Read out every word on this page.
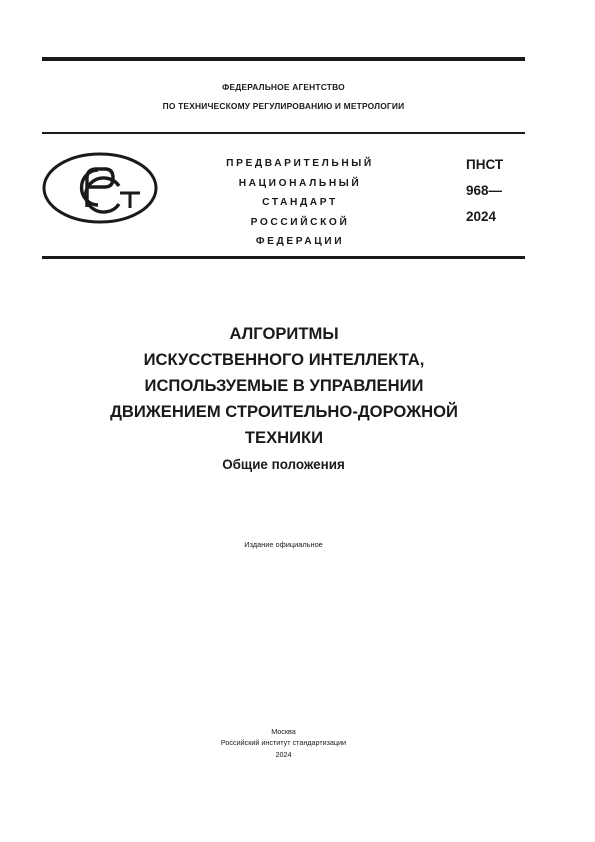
ФЕДЕРАЛЬНОЕ АГЕНТСТВО
ПО ТЕХНИЧЕСКОМУ РЕГУЛИРОВАНИЮ И МЕТРОЛОГИИ
ПРЕДВАРИТЕЛЬНЫЙ
НАЦИОНАЛЬНЫЙ
СТАНДАРТ
РОССИЙСКОЙ
ФЕДЕРАЦИИ
ПНСТ
968—
2024
АЛГОРИТМЫ
ИСКУССТВЕННОГО ИНТЕЛЛЕКТА,
ИСПОЛЬЗУЕМЫЕ В УПРАВЛЕНИИ
ДВИЖЕНИЕМ СТРОИТЕЛЬНО-ДОРОЖНОЙ
ТЕХНИКИ
Общие положения
Издание официальное
Москва
Российский институт стандартизации
2024
